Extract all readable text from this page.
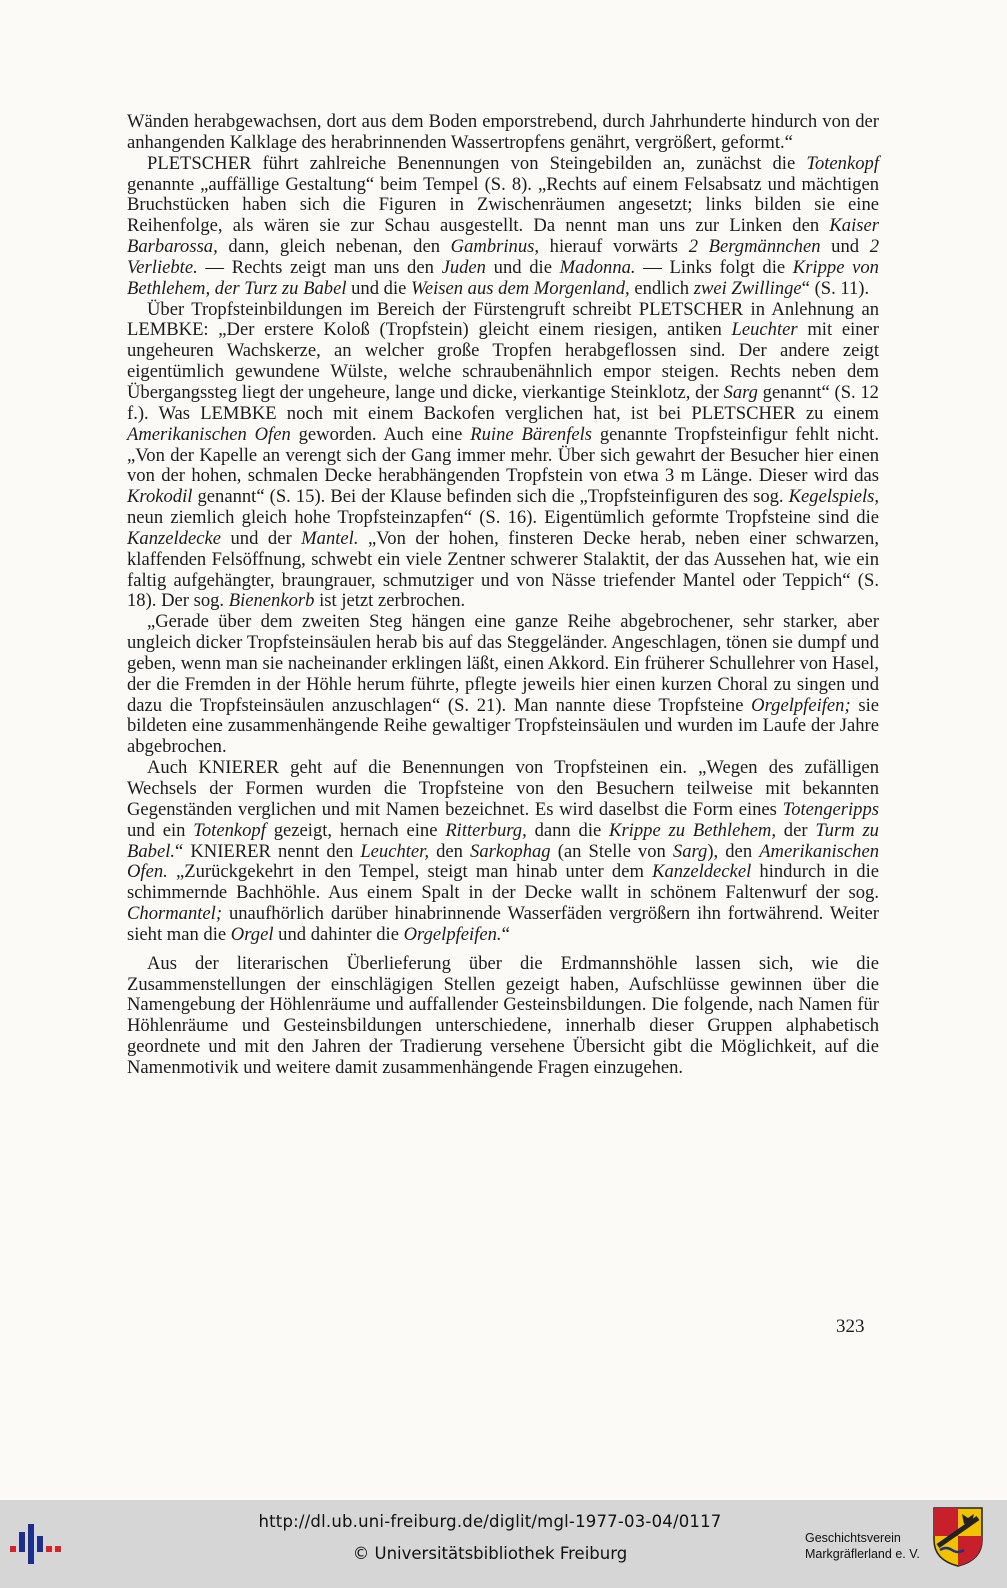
Wänden herabgewachsen, dort aus dem Boden emporstrebend, durch Jahrhunderte hindurch von der anhangenden Kalklage des herabrinnenden Wassertropfens genährt, vergrößert, geformt.“

PLETSCHER führt zahlreiche Benennungen von Steingebilden an, zunächst die Totenkopf genannte „auffällige Gestaltung“ beim Tempel (S. 8). „Rechts auf einem Felsabsatz und mächtigen Bruchstücken haben sich die Figuren in Zwischenräumen angesetzt; links bilden sie eine Reihenfolge, als wären sie zur Schau ausgestellt. Da nennt man uns zur Linken den Kaiser Barbarossa, dann, gleich nebenan, den Gambrinus, hierauf vorwärts 2 Bergmännchen und 2 Verliebte. — Rechts zeigt man uns den Juden und die Madonna. — Links folgt die Krippe von Bethlehem, der Turz zu Babel und die Weisen aus dem Morgenland, endlich zwei Zwillinge“ (S. 11).

Über Tropfsteinbildungen im Bereich der Fürstengruft schreibt PLETSCHER in Anlehnung an LEMBKE: „Der erstere Koloß (Tropfstein) gleicht einem riesigen, antiken Leuchter mit einer ungeheuren Wachskerze, an welcher große Tropfen herabgeflossen sind. Der andere zeigt eigentümlich gewundene Wülste, welche schraubenähnlich empor steigen. Rechts neben dem Übergangssteg liegt der ungeheure, lange und dicke, vierkantige Steinklotz, der Sarg genannt“ (S. 12 f.). Was LEMBKE noch mit einem Backofen verglichen hat, ist bei PLETSCHER zu einem Amerikanischen Ofen geworden. Auch eine Ruine Bärenfels genannte Tropfsteinfigur fehlt nicht. „Von der Kapelle an verengt sich der Gang immer mehr. Über sich gewahrt der Besucher hier einen von der hohen, schmalen Decke herabhängenden Tropfstein von etwa 3 m Länge. Dieser wird das Krokodil genannt“ (S. 15). Bei der Klause befinden sich die „Tropfsteinfiguren des sog. Kegelspiels, neun ziemlich gleich hohe Tropfsteinzapfen“ (S. 16). Eigentümlich geformte Tropfsteine sind die Kanzeldecke und der Mantel. „Von der hohen, finsteren Decke herab, neben einer schwarzen, klaffenden Felsöffnung, schwebt ein viele Zentner schwerer Stalaktit, der das Aussehen hat, wie ein faltig aufgehängter, braungrauer, schmutziger und von Nässe triefender Mantel oder Teppich“ (S. 18). Der sog. Bienenkorb ist jetzt zerbrochen.

„Gerade über dem zweiten Steg hängen eine ganze Reihe abgebrochener, sehr starker, aber ungleich dicker Tropfsteinsäulen herab bis auf das Steggeländer. Angeschlagen, tönen sie dumpf und geben, wenn man sie nacheinander erklingen läßt, einen Akkord. Ein früherer Schullehrer von Hasel, der die Fremden in der Höhle herum führte, pflegte jeweils hier einen kurzen Choral zu singen und dazu die Tropfsteinsäulen anzuschlagen“ (S. 21). Man nannte diese Tropfsteine Orgelpfeifen; sie bildeten eine zusammenhängende Reihe gewaltiger Tropfsteinsäulen und wurden im Laufe der Jahre abgebrochen.

Auch KNIERER geht auf die Benennungen von Tropfsteinen ein. „Wegen des zufälligen Wechsels der Formen wurden die Tropfsteine von den Besuchern teilweise mit bekannten Gegenständen verglichen und mit Namen bezeichnet. Es wird daselbst die Form eines Totengeripps und ein Totenkopf gezeigt, hernach eine Ritterburg, dann die Krippe zu Bethlehem, der Turm zu Babel.“ KNIERER nennt den Leuchter, den Sarkophag (an Stelle von Sarg), den Amerikanischen Ofen. „Zurückgekehrt in den Tempel, steigt man hinab unter dem Kanzeldeckel hindurch in die schimmernde Bachhöhle. Aus einem Spalt in der Decke wallt in schönem Faltenwurf der sog. Chormantel; unaufhörlich darüber hinabrinnende Wasserfäden vergrößern ihn fortwährend. Weiter sieht man die Orgel und dahinter die Orgelpfeifen.“

Aus der literarischen Überlieferung über die Erdmannshöhle lassen sich, wie die Zusammenstellungen der einschlägigen Stellen gezeigt haben, Aufschlüsse gewinnen über die Namengebung der Höhlenräume und auffallender Gesteinsbildungen. Die folgende, nach Namen für Höhlenräume und Gesteinsbildungen unterschiedene, innerhalb dieser Gruppen alphabetisch geordnete und mit den Jahren der Tradierung versehene Übersicht gibt die Möglichkeit, auf die Namenmotivik und weitere damit zusammenhängende Fragen einzugehen.

323
http://dl.ub.uni-freiburg.de/diglit/mgl-1977-03-04/0117
© Universitätsbibliothek Freiburg
Geschichtsverein
Markgräflerland e. V.
